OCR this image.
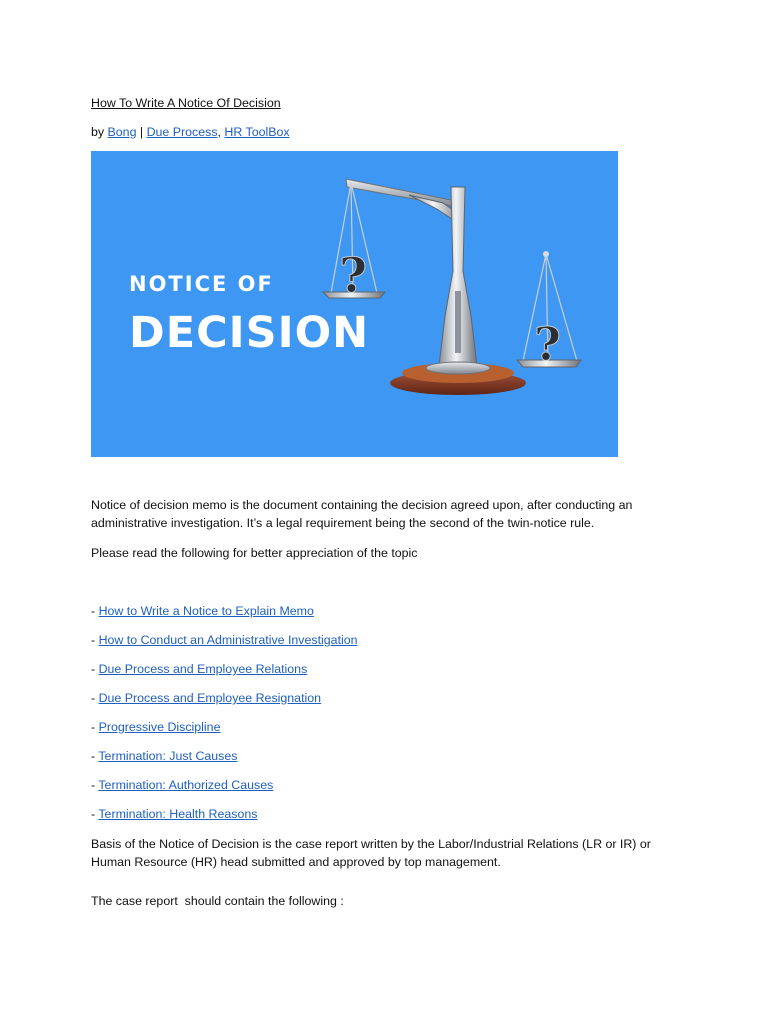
How To Write A Notice Of Decision
by Bong | Due Process, HR ToolBox
NOTICE OF
DECISION
?
?
Notice of decision memo is the document containing the decision agreed upon, after conducting an administrative investigation. It’s a legal requirement being the second of the twin-notice rule.
Please read the following for better appreciation of the topic
- How to Write a Notice to Explain Memo
- How to Conduct an Administrative Investigation
- Due Process and Employee Relations
- Due Process and Employee Resignation
- Progressive Discipline
- Termination: Just Causes
- Termination: Authorized Causes
- Termination: Health Reasons
Basis of the Notice of Decision is the case report written by the Labor/Industrial Relations (LR or IR) or Human Resource (HR) head submitted and approved by top management.
The case report  should contain the following :
